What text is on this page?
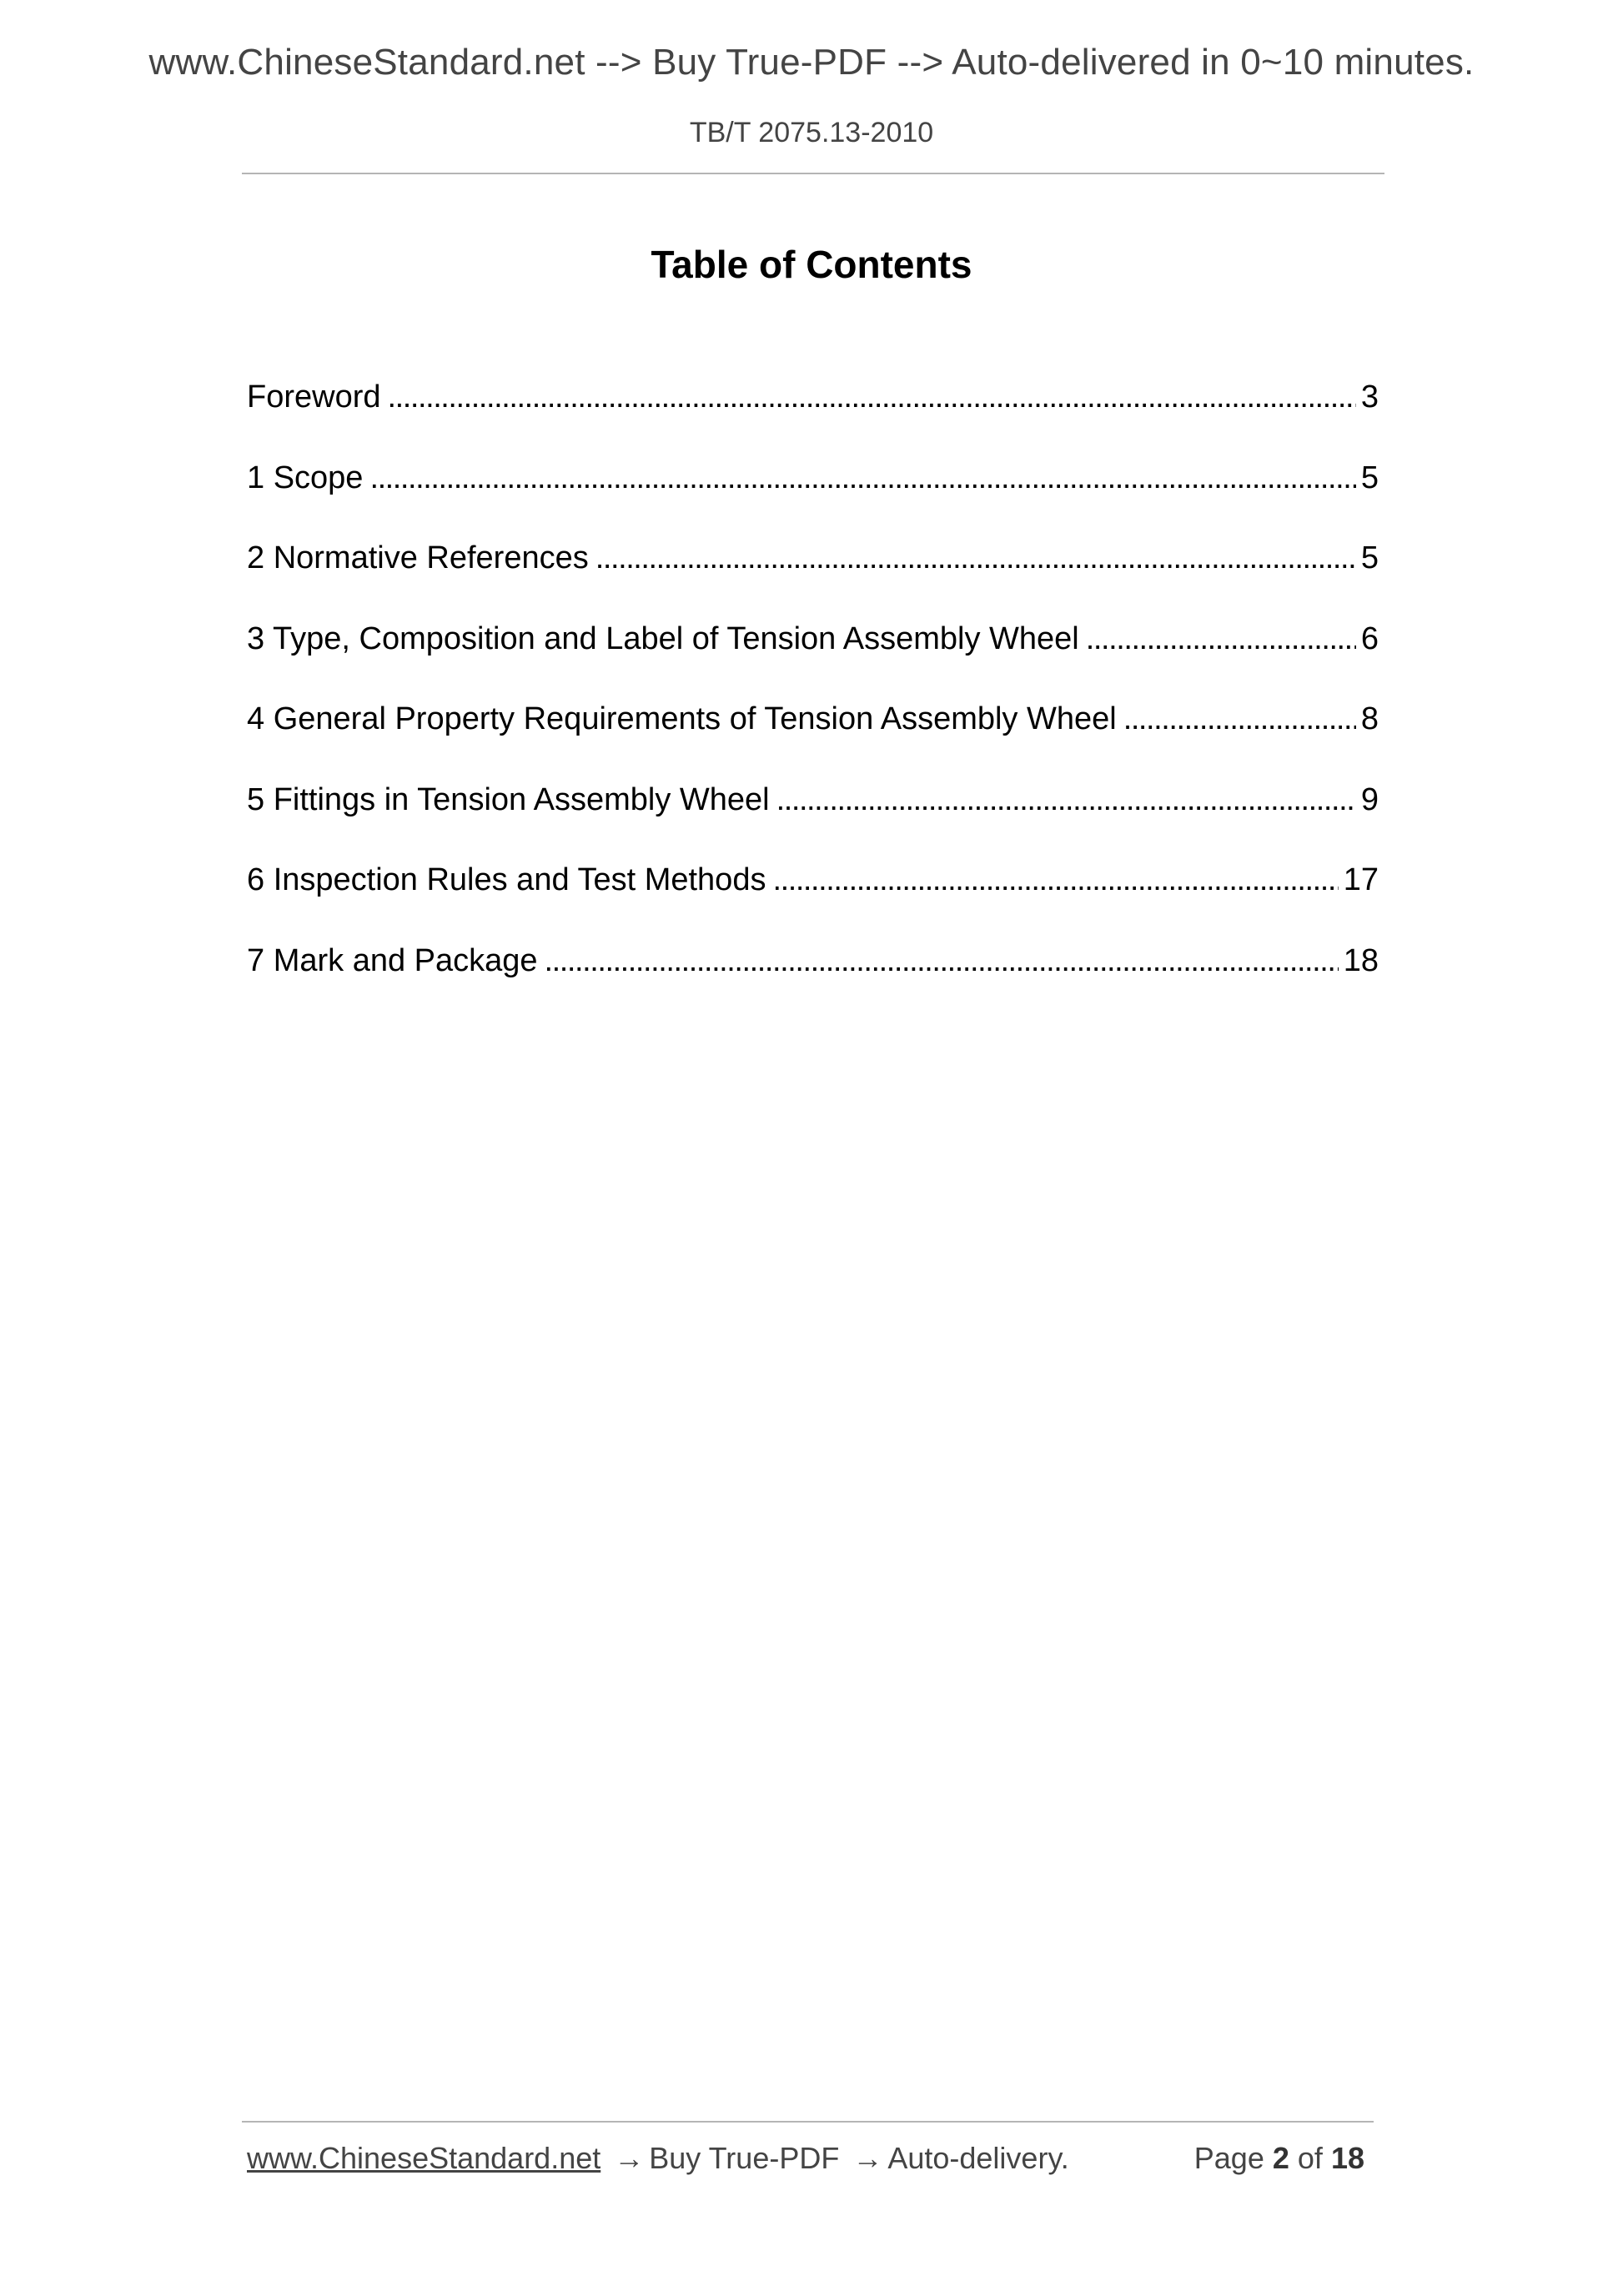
www.ChineseStandard.net --> Buy True-PDF --> Auto-delivered in 0~10 minutes.
TB/T 2075.13-2010
Table of Contents
Foreword . . .	3
1 Scope . . .	5
2 Normative References . . .	5
3 Type, Composition and Label of Tension Assembly Wheel . . .	6
4 General Property Requirements of Tension Assembly Wheel . . .	8
5 Fittings in Tension Assembly Wheel . . .	9
6 Inspection Rules and Test Methods . . .	17
7 Mark and Package . . .	18
www.ChineseStandard.net → Buy True-PDF → Auto-delivery.	Page 2 of 18
